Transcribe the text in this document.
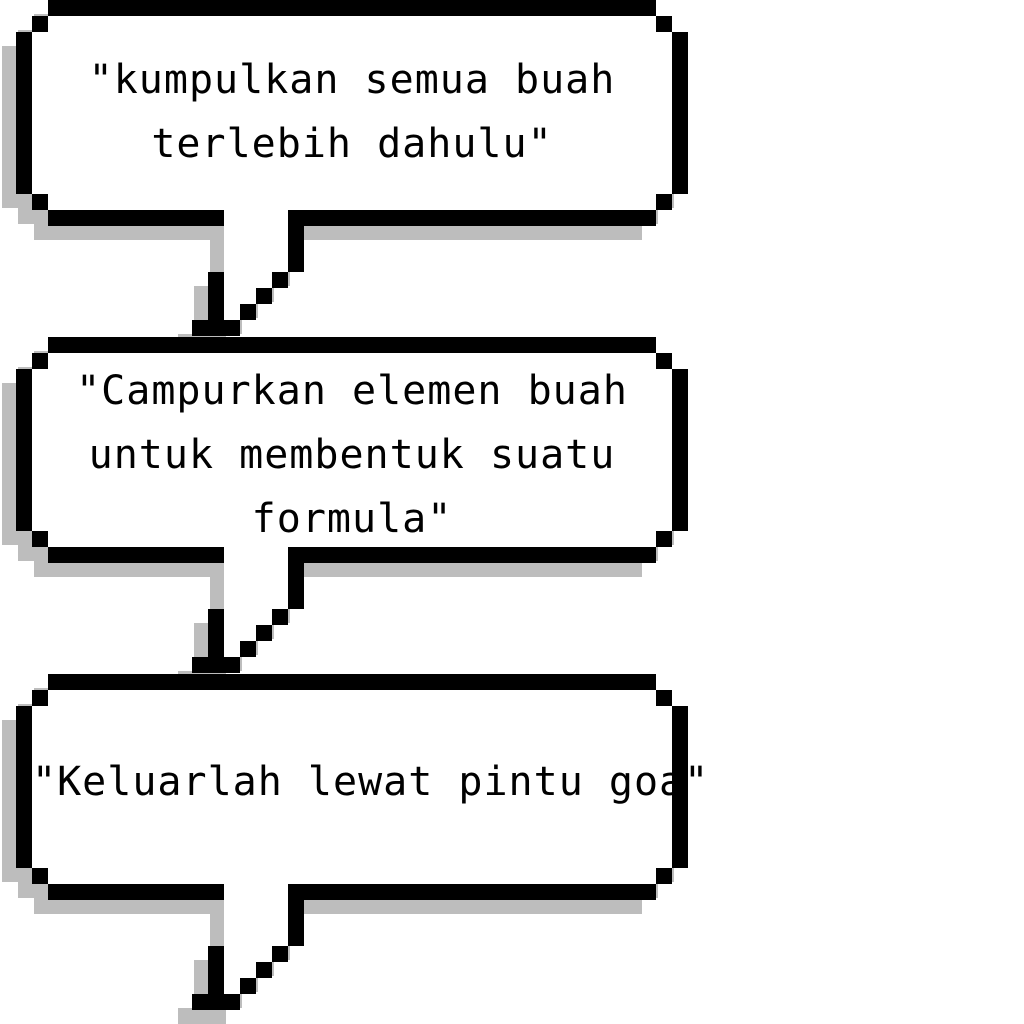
"kumpulkan semua buah
terlebih dahulu"
"Campurkan elemen buah
untuk membentuk suatu
formula"
"Keluarlah lewat pintu goa"
